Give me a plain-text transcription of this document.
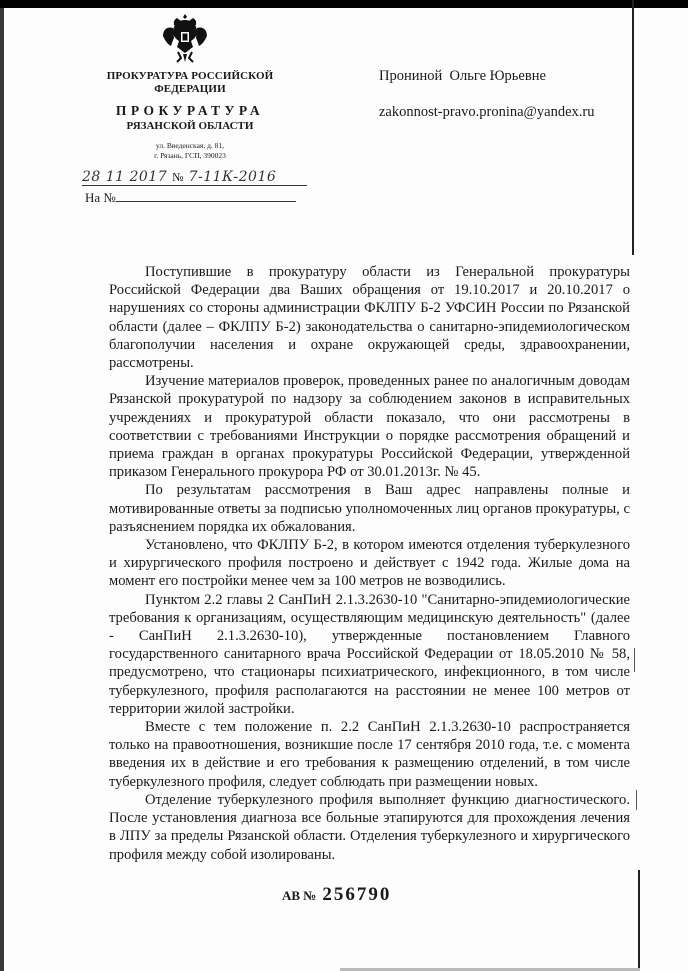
ПРОКУРАТУРА РОССИЙСКОЙ
ФЕДЕРАЦИИ
ПРОКУРАТУРА
РЯЗАНСКОЙ ОБЛАСТИ
ул. Введенская, д. 81,
г. Рязань, ГСП, 390023
28 11 2017 № 7-11К-2016
На №
Прониной  Ольге Юрьевне
zakonnost-pravo.pronina@yandex.ru

Поступившие в прокуратуру области из Генеральной прокуратуры Российской Федерации два Ваших обращения от 19.10.2017 и 20.10.2017 о нарушениях со стороны администрации ФКЛПУ Б-2 УФСИН России по Рязанской области (далее – ФКЛПУ Б-2) законодательства о санитарно-эпидемиологическом благополучии населения и охране окружающей среды, здравоохранении, рассмотрены.

Изучение материалов проверок, проведенных ранее по аналогичным доводам Рязанской прокуратурой по надзору за соблюдением законов в исправительных учреждениях и прокуратурой области показало, что они рассмотрены в соответствии с требованиями Инструкции о порядке рассмотрения обращений и приема граждан в органах прокуратуры Российской Федерации, утвержденной приказом Генерального прокурора РФ от 30.01.2013г. № 45.

По результатам рассмотрения в Ваш адрес направлены полные и мотивированные ответы за подписью уполномоченных лиц органов прокуратуры, с разъяснением порядка их обжалования.

Установлено, что ФКЛПУ Б-2, в котором имеются отделения туберкулезного и хирургического профиля построено и действует с 1942 года. Жилые дома на момент его постройки менее чем за 100 метров не возводились.

Пунктом 2.2 главы 2 СанПиН 2.1.3.2630-10 "Санитарно-эпидемиологические требования к организациям, осуществляющим медицинскую деятельность" (далее - СанПиН 2.1.3.2630-10), утвержденные постановлением Главного государственного санитарного врача Российской Федерации от 18.05.2010 № 58, предусмотрено, что стационары психиатрического, инфекционного, в том числе туберкулезного, профиля располагаются на расстоянии не менее 100 метров от территории жилой застройки.

Вместе с тем положение п. 2.2 СанПиН 2.1.3.2630-10 распространяется только на правоотношения, возникшие после 17 сентября 2010 года, т.е. с момента введения их в действие и его требования к размещению отделений, в том числе туберкулезного профиля, следует соблюдать при размещении новых.

Отделение туберкулезного профиля выполняет функцию диагностического. После установления диагноза все больные этапируются для прохождения лечения в ЛПУ за пределы Рязанской области. Отделения туберкулезного и хирургического профиля между собой изолированы.

АВ № 256790
